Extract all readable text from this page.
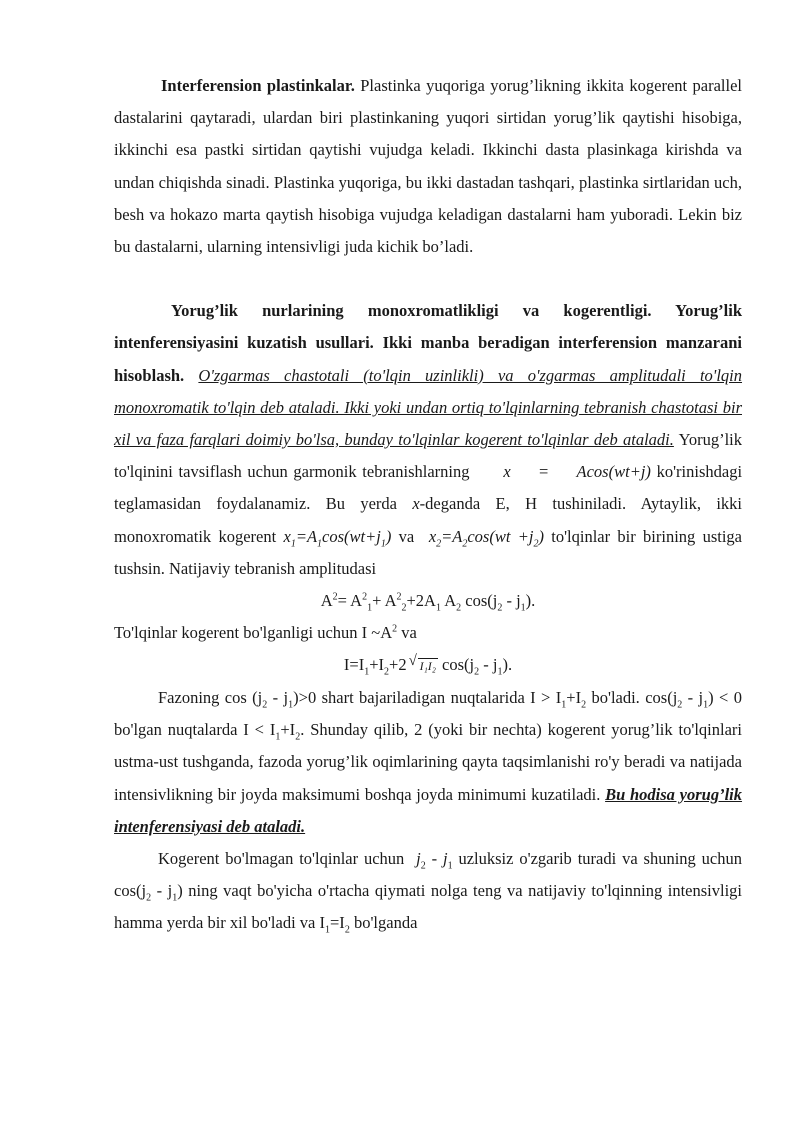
Interferension plastinkalar. Plastinka yuqoriga yorug’likning ikkita kogerent parallel dastalarini qaytaradi, ulardan biri plastinkaning yuqori sirtidan yorug’lik qaytishi hisobiga, ikkinchi esa pastki sirtidan qaytishi vujudga keladi. Ikkinchi dasta plasinkaga kirishda va undan chiqishda sinadi. Plastinka yuqoriga, bu ikki dastadan tashqari, plastinka sirtlaridan uch, besh va hokazo marta qaytish hisobiga vujudga keladigan dastalarni ham yuboradi. Lekin biz bu dastalarni, ularning intensivligi juda kichik bo’ladi.

Yorug’lik nurlarining monoxromatlikligi va kogerentligi. Yorug’lik intenferensiyasini kuzatish usullari. Ikki manba beradigan interferension manzarani hisoblash. O'zgarmas chastotali (to'lqin uzinlikli) va o'zgarmas amplitudali to'lqin monoxromatik to'lqin deb ataladi. Ikki yoki undan ortiq to'lqinlarning tebranish chastotasi bir xil va faza farqlari doimiy bo'lsa, bunday to'lqinlar kogerent to'lqinlar deb ataladi. Yorug’lik to'lqinini tavsiflash uchun garmonik tebranishlarning x = Acos(wt+j) ko'rinishdagi teglamasidan foydalanamiz. Bu yerda x-deganda E, H tushiniladi. Aytaylik, ikki monoxromatik kogerent $x_1=A_1\cos(wt+j_1)$ va $x_2=A_2\cos(wt +j_2)$ to'lqinlar bir birining ustiga tushsin. Natijaviy tebranish amplitudasi

$A^2= A^2_1+ A^2_2+2A_1$ $A_2$ $\cos(j_2 - j_1)$.

To'lqinlar kogerent bo'lganligi uchun I $\sim A^2$ va

$I=I_1+I_2+2$ √ I₁I₂ $\cos(j_2 - j_1)$.

Fazoning $\cos (j_2 - j_1)>0$ shart bajariladigan nuqtalarida $I > I_1+I_2$ bo'ladi. $\cos(j_2 - j_1) < 0$ bo'lgan nuqtalarda $I < I_1+I_2$. Shunday qilib, 2 (yoki bir nechta) kogerent yorug’lik to'lqinlari ustma-ust tushganda, fazoda yorug’lik oqimlarining qayta taqsimlanishi ro'y beradi va natijada intensivlikning bir joyda maksimumi boshqa joyda minimumi kuzatiladi. Bu hodisa yorug’lik intenferensiyasi deb ataladi.

Kogerent bo'lmagan to'lqinlar uchun $j_2 - j_1$ uzluksiz o'zgarib turadi va shuning uchun $\cos(j_2 - j_1)$ ning vaqt bo'yicha o'rtacha qiymati nolga teng va natijaviy to'lqinning intensivligi hamma yerda bir xil bo'ladi va $I_1=I_2$ bo'lganda
